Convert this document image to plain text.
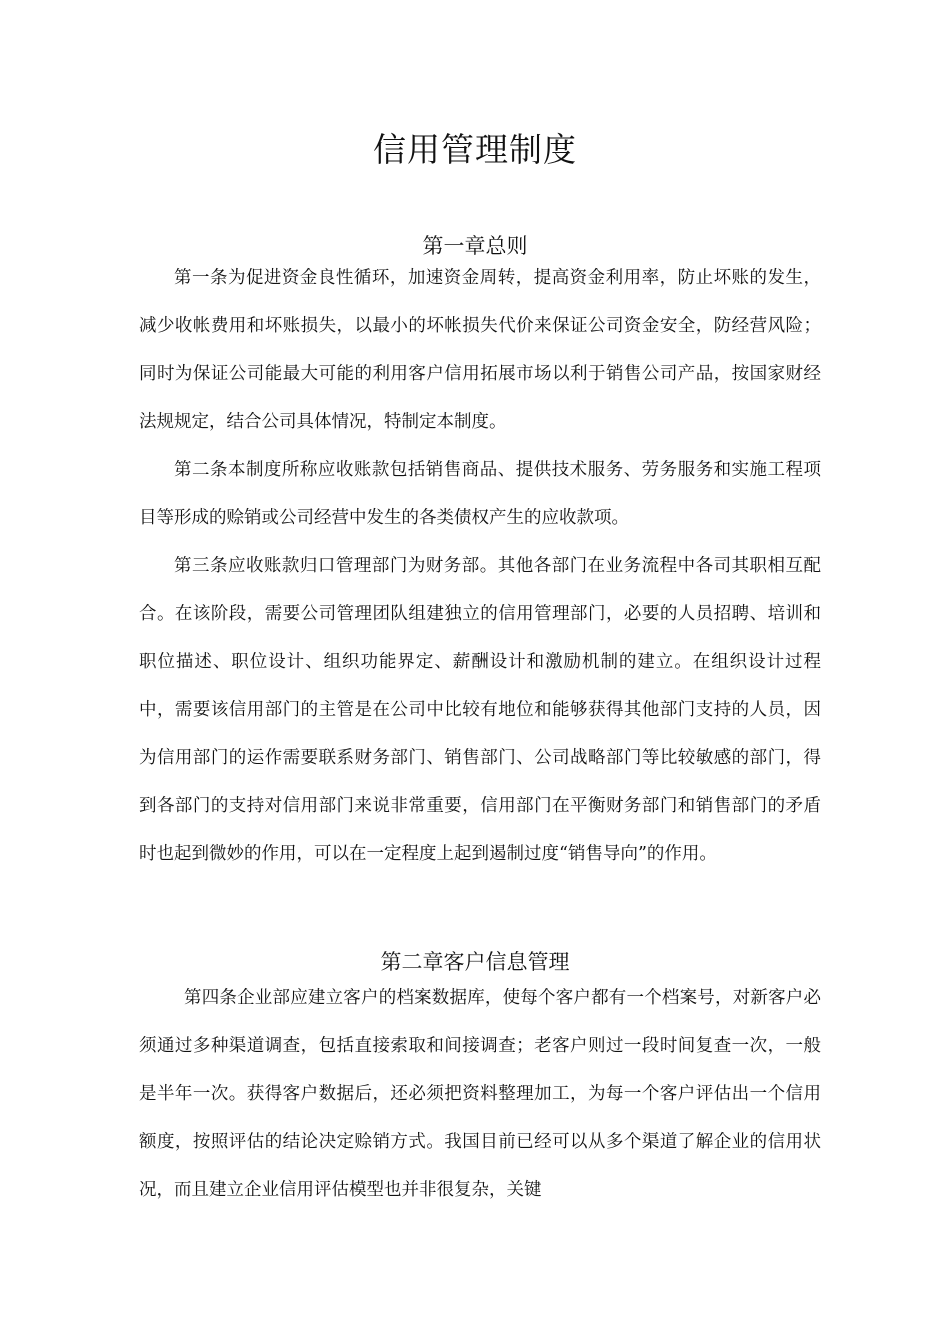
信用管理制度
第一章总则

第一条为促进资金良性循环，加速资金周转，提高资金利用率，防止坏账的发生，减少收帐费用和坏账损失，以最小的坏帐损失代价来保证公司资金安全，防经营风险；同时为保证公司能最大可能的利用客户信用拓展市场以利于销售公司产品，按国家财经法规规定，结合公司具体情况，特制定本制度。

第二条本制度所称应收账款包括销售商品、提供技术服务、劳务服务和实施工程项目等形成的赊销或公司经营中发生的各类债权产生的应收款项。

第三条应收账款归口管理部门为财务部。其他各部门在业务流程中各司其职相互配合。在该阶段，需要公司管理团队组建独立的信用管理部门，必要的人员招聘、培训和职位描述、职位设计、组织功能界定、薪酬设计和激励机制的建立。在组织设计过程中，需要该信用部门的主管是在公司中比较有地位和能够获得其他部门支持的人员，因为信用部门的运作需要联系财务部门、销售部门、公司战略部门等比较敏感的部门，得到各部门的支持对信用部门来说非常重要，信用部门在平衡财务部门和销售部门的矛盾时也起到微妙的作用，可以在一定程度上起到遏制过度“销售导向”的作用。

第二章客户信息管理

第四条企业部应建立客户的档案数据库，使每个客户都有一个档案号，对新客户必须通过多种渠道调查，包括直接索取和间接调查；老客户则过一段时间复查一次，一般是半年一次。获得客户数据后，还必须把资料整理加工，为每一个客户评估出一个信用额度，按照评估的结论决定赊销方式。我国目前已经可以从多个渠道了解企业的信用状况，而且建立企业信用评估模型也并非很复杂，关键
